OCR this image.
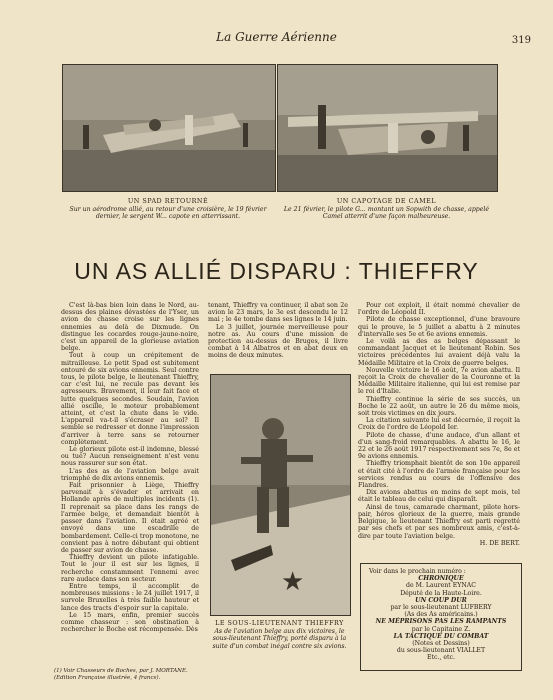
La Guerre Aérienne	319
UN SPAD RETOURNÉ
Sur un aérodrome allié, au retour d'une croisière, le 19 février dernier, le sergent W... capote en atterrissant.
UN CAPOTAGE DE CAMEL
Le 21 février, le pilote G... montant un Sopwith de chasse, appelé Camel atterrit d'une façon malheureuse.
UN AS ALLIÉ DISPARU : THIEFFRY

C'est là-bas bien loin dans le Nord, au-dessus des plaines dévastées de l'Yser, un avion de chasse croise sur les lignes ennemies au delà de Dixmude. On distingue les cocardes rouge-jaune-noire, c'est un appareil de la glorieuse aviation belge.

Tout à coup un crépitement de mitrailleuse. Le petit Spad est subitement entouré de six avions ennemis. Seul contre tous, le pilote belge, le lieutenant Thieffry, car c'est lui, ne recule pas devant les agresseurs. Bravement, il leur fait face et lutte quelques secondes. Soudain, l'avion allié oscille, le moteur probablement atteint, et c'est la chute dans le vide. L'appareil va-t-il s'écraser au sol? Il semble se redresser et donne l'impression d'arriver à terre sans se retourner complètement.

Le glorieux pilote est-il indemne, blessé ou tué? Aucun renseignement n'est venu nous rassurer sur son état.

L'as des as de l'aviation belge avait triomphé de dix avions ennemis.

Fait prisonnier à Liège, Thieffry parvenait à s'évader et arrivait en Hollande après de multiples incidents (1). Il reprenait sa place dans les rangs de l'armée belge, et demandait bientôt à passer dans l'aviation. Il était agréé et envoyé dans une escadrille de bombardement. Celle-ci trop monotone, ne convient pas à notre débutant qui obtient de passer sur avion de chasse.

Thieffry devient un pilote infatigable. Tout le jour il est sur les lignes, il recherche constamment l'ennemi avec rare audace dans son secteur.

Entre temps, il accomplit de nombreuses missions : le 24 juillet 1917, il survole Bruxelles à très faible hauteur et lance des tracts d'espoir sur la capitale.

Le 15 mars, enfin, premier succès comme chasseur : son obstination à rechercher le Boche est récompensée. Dès

tenant, Thieffry va continuer, il abat son 2e avion le 23 mars, le 3e est descendu le 12 mai ; le 4e tombe dans ses lignes le 14 juin.

Le 3 juillet, journée merveilleuse pour notre as. Au cours d'une mission de protection au-dessus de Bruges, il livre combat à 14 Albatros et en abat deux en moins de deux minutes.

★
LE SOUS-LIEUTENANT THIEFFRY
As de l'aviation belge aux dix victoires, le sous-lieutenant Thieffry, porté disparu à la suite d'un combat inégal contre six avions.

Pour cet exploit, il était nommé chevalier de l'ordre de Léopold II.

Pilote de chasse exceptionnel, d'une bravoure qui le prouve, le 5 juillet a abattu à 2 minutes d'intervalle ses 5e et 6e avions ennemis.

Le voilà as des as belges dépassant le commandant Jacquet et le lieutenant Robin. Ses victoires précédentes lui avaient déjà valu la Médaille Militaire et la Croix de guerre belges.

Nouvelle victoire le 16 août, 7e avion abattu. Il reçoit la Croix de chevalier de la Couronne et la Médaille Militaire italienne, qui lui est remise par le roi d'Italie.

Thieffry continue la série de ses succès, un Boche le 22 août, un autre le 26 du même mois, soit trois victimes en dix jours.

La citation suivante lui est décernée, il reçoit la Croix de l'ordre de Léopold Ier.

Pilote de chasse, d'une audace, d'un allant et d'un sang-froid remarquables. A abattu le 16, le 22 et le 26 août 1917 respectivement ses 7e, 8e et 9e avions ennemis.

Thieffry triomphait bientôt de son 10e appareil et était cité à l'ordre de l'armée française pour les services rendus au cours de l'offensive des Flandres.

Dix avions abattus en moins de sept mois, tel était le tableau de celui qui disparaît.

Ainsi de tous, camarade charmant, pilote hors-pair, héros glorieux de la guerre, mais grande Belgique, le lieutenant Thieffry est parti regretté par ses chefs et par ses nombreux amis, c'est-à-dire par toute l'aviation belge.

H. DE BERT.

Voir dans le prochain numéro :
CHRONIQUE
de M. Laurent EYNAC
Député de la Haute-Loire.
UN COUP DUR
par le sous-lieutenant LUFBERY
(As des As américains.)
NE MÉPRISONS PAS LES RAMPANTS
par le Capitaine Z.
LA TACTIQUE DU COMBAT
(Notes et Dessins)
du sous-lieutenant VIALLET
Etc., etc.
(1) Voir Chasseurs de Boches, par J. MORTANE. (Edition Française illustrée, 4 francs).
